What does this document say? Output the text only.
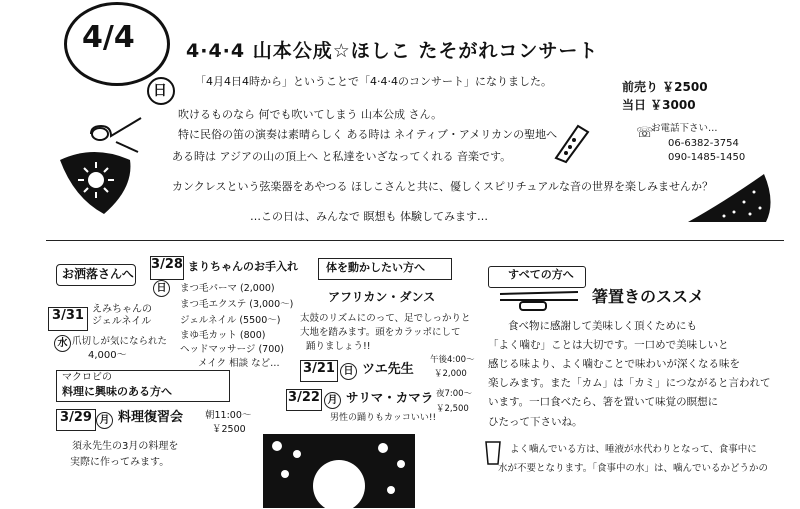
4/4
日
4·4·4 山本公成☆ほしこ たそがれコンサート
「4月4日4時から」ということで「4·4·4のコンサート」になりました。
吹けるものなら 何でも吹いてしまう 山本公成 さん。
特に民俗の笛の演奏は素晴らしく ある時は ネイティブ・アメリカンの聖地へ
ある時は アジアの山の頂上へ と私達をいざなってくれる 音楽です。
カンクレスという弦楽器をあやつる ほしこさんと共に、優しくスピリチュアルな音の世界を楽しみませんか？
…この日は、みんなで 瞑想も 体験してみます…
前売り ￥2500
当日 ￥3000
お電話下さい…
06-6382-3754
090-1485-1450
☏
お洒落さんへ
3/31
水
えみちゃんの ジェルネイル
爪切しが気になられた
4,000〜
3/28
日
まりちゃんのお手入れ
まつ毛パーマ (2,000)
まつ毛エクステ (3,000〜)
ジェルネイル (5500〜)
まゆ毛カット (800)
ヘッドマッサージ (700)
メイク 相談 など…
マクロビの
料理に興味のある方へ
3/29 月 料理復習会 朝11:00〜
￥2500
須永先生の3月の料理を
実際に作ってみます。
体を動かしたい方へ
アフリカン・ダンス
太鼓のリズムにのって、足でしっかりと
大地を踏みます。頭をカラッポにして
踊りましょう!!
3/21 日 ツエ先生
午後4:00〜
￥2,000
3/22 月 サリマ・カマラ 夜7:00〜
￥2,500
男性の踊りもカッコいい!!
すべての方へ
箸置きのススメ
食べ物に感謝して美味しく頂くためにも
「よく噛む」ことは大切です。一口めで美味しいと
感じる味より、よく噛むことで味わいが深くなる味を
楽しみます。また「カム」は「カミ」につながると言われて
います。一口食べたら、箸を置いて味覚の瞑想に
ひたって下さいね。
よく噛んでいる方は、唾液が水代わりとなって、食事中に
水が不要となります。「食事中の水」は、噛んでいるかどうかの
